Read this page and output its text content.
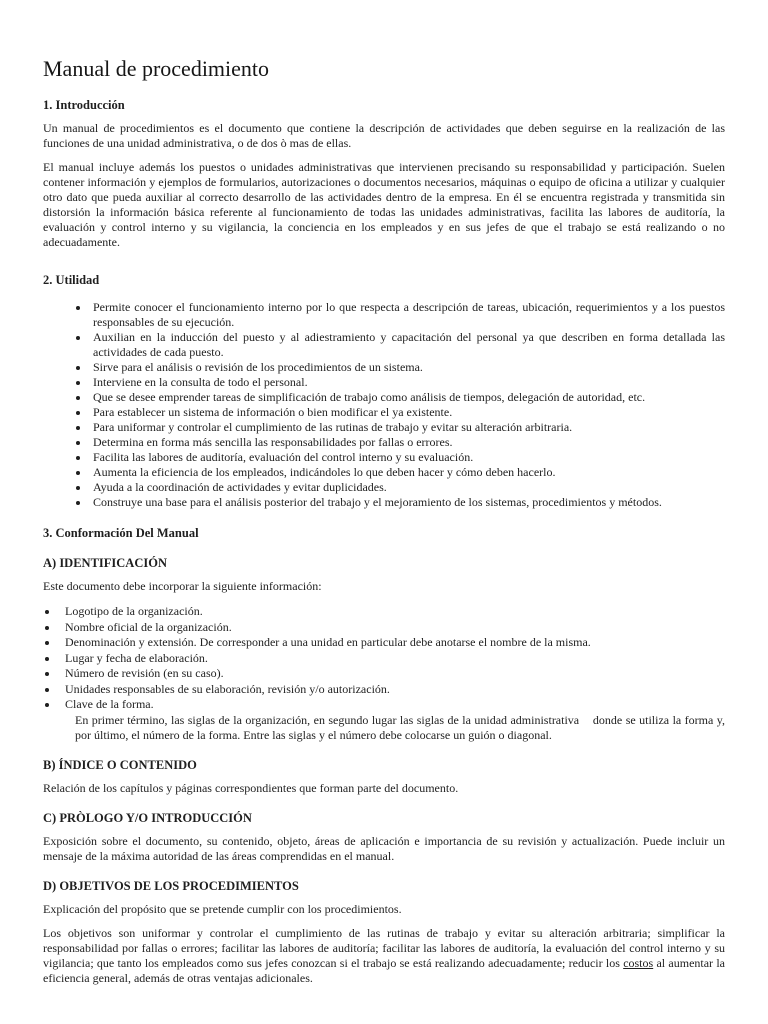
Manual de procedimiento
1. Introducción

Un manual de procedimientos es el documento que contiene la descripción de actividades que deben seguirse en la realización de las funciones de una unidad administrativa, o de dos ò mas de ellas.

El manual incluye además los puestos o unidades administrativas que intervienen precisando su responsabilidad y participación. Suelen contener información y ejemplos de formularios, autorizaciones o documentos necesarios, máquinas o equipo de oficina a utilizar y cualquier otro dato que pueda auxiliar al correcto desarrollo de las actividades dentro de la empresa. En él se encuentra registrada y transmitida sin distorsión la información básica referente al funcionamiento de todas las unidades administrativas, facilita las labores de auditoría, la evaluación y control interno y su vigilancia, la conciencia en los empleados y en sus jefes de que el trabajo se está realizando o no adecuadamente.

2. Utilidad
• Permite conocer el funcionamiento interno por lo que respecta a descripción de tareas, ubicación, requerimientos y a los puestos responsables de su ejecución.
• Auxilian en la inducción del puesto y al adiestramiento y capacitación del personal ya que describen en forma detallada las actividades de cada puesto.
• Sirve para el análisis o revisión de los procedimientos de un sistema.
• Interviene en la consulta de todo el personal.
• Que se desee emprender tareas de simplificación de trabajo como análisis de tiempos, delegación de autoridad, etc.
• Para establecer un sistema de información o bien modificar el ya existente.
• Para uniformar y controlar el cumplimiento de las rutinas de trabajo y evitar su alteración arbitraria.
• Determina en forma más sencilla las responsabilidades por fallas o errores.
• Facilita las labores de auditoría, evaluación del control interno y su evaluación.
• Aumenta la eficiencia de los empleados, indicándoles lo que deben hacer y cómo deben hacerlo.
• Ayuda a la coordinación de actividades y evitar duplicidades.
• Construye una base para el análisis posterior del trabajo y el mejoramiento de los sistemas, procedimientos y métodos.
3. Conformación Del Manual
A) IDENTIFICACIÓN

Este documento debe incorporar la siguiente información:

• Logotipo de la organización.
• Nombre oficial de la organización.
• Denominación y extensión. De corresponder a una unidad en particular debe anotarse el nombre de la misma.
• Lugar y fecha de elaboración.
• Número de revisión (en su caso).
• Unidades responsables de su elaboración, revisión y/o autorización.
• Clave de la forma.
En primer término, las siglas de la organización, en segundo lugar las siglas de la unidad administrativa    donde se utiliza la forma y, por último, el número de la forma. Entre las siglas y el número debe colocarse un guión o diagonal.
B) ÍNDICE O CONTENIDO

Relación de los capítulos y páginas correspondientes que forman parte del documento.

C) PRÒLOGO Y/O INTRODUCCIÓN

Exposición sobre el documento, su contenido, objeto, áreas de aplicación e importancia de su revisión y actualización. Puede incluir un mensaje de la máxima autoridad de las áreas comprendidas en el manual.

D) OBJETIVOS DE LOS PROCEDIMIENTOS

Explicación del propósito que se pretende cumplir con los procedimientos.

Los objetivos son uniformar y controlar el cumplimiento de las rutinas de trabajo y evitar su alteración arbitraria; simplificar la responsabilidad por fallas o errores; facilitar las labores de auditoría; facilitar las labores de auditoría, la evaluación del control interno y su vigilancia; que tanto los empleados como sus jefes conozcan si el trabajo se está realizando adecuadamente; reducir los costos al aumentar la eficiencia general, además de otras ventajas adicionales.
